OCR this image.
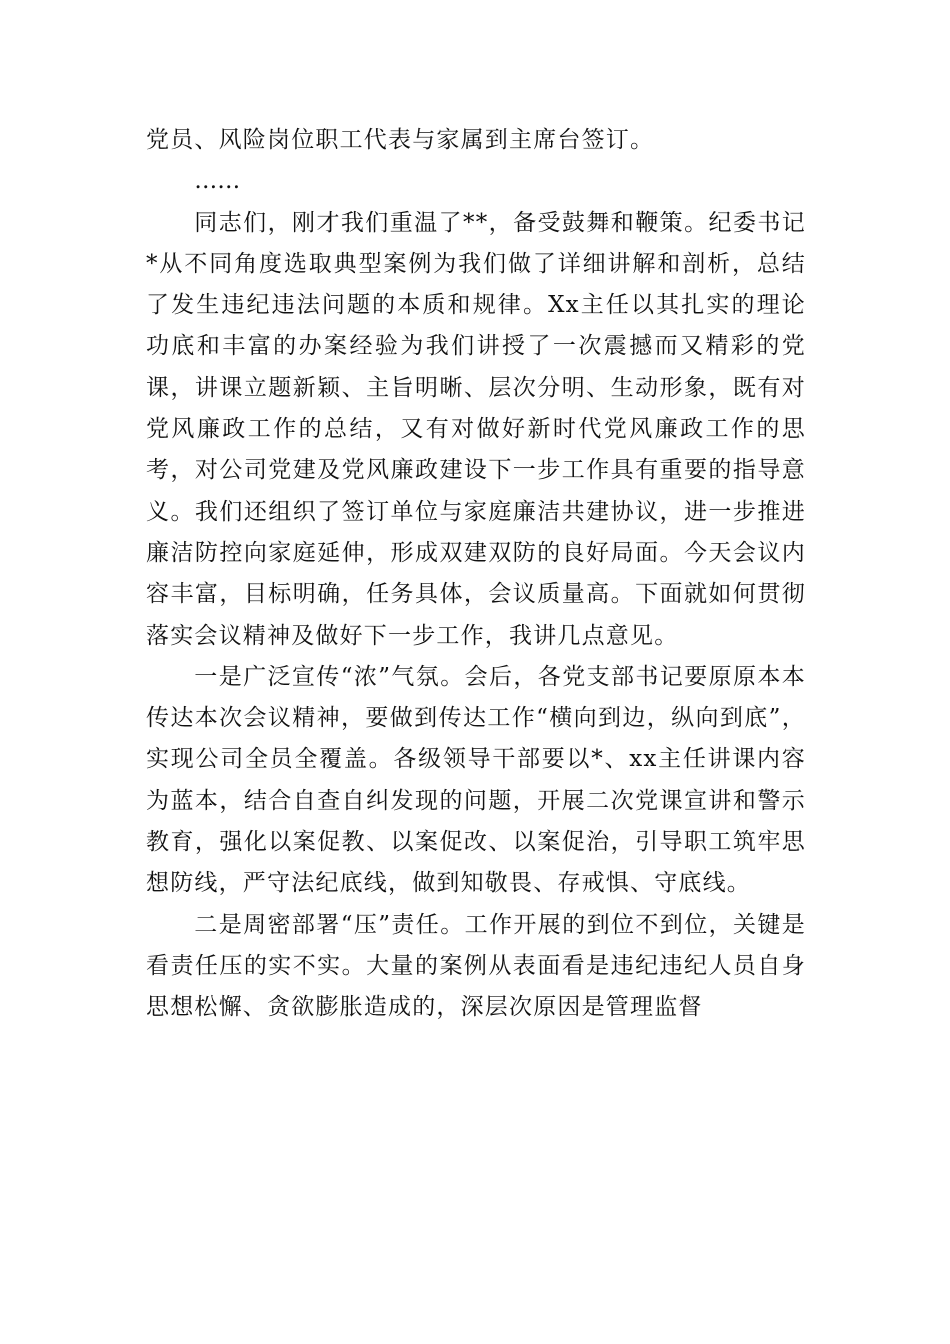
党员、风险岗位职工代表与家属到主席台签订。

……

同志们，刚才我们重温了**，备受鼓舞和鞭策。纪委书记*从不同角度选取典型案例为我们做了详细讲解和剖析，总结了发生违纪违法问题的本质和规律。Xx主任以其扎实的理论功底和丰富的办案经验为我们讲授了一次震撼而又精彩的党课，讲课立题新颖、主旨明晰、层次分明、生动形象，既有对党风廉政工作的总结，又有对做好新时代党风廉政工作的思考，对公司党建及党风廉政建设下一步工作具有重要的指导意义。我们还组织了签订单位与家庭廉洁共建协议，进一步推进廉洁防控向家庭延伸，形成双建双防的良好局面。今天会议内容丰富，目标明确，任务具体，会议质量高。下面就如何贯彻落实会议精神及做好下一步工作，我讲几点意见。

一是广泛宣传“浓”气氛。会后，各党支部书记要原原本本传达本次会议精神，要做到传达工作“横向到边，纵向到底”，实现公司全员全覆盖。各级领导干部要以*、xx主任讲课内容为蓝本，结合自查自纠发现的问题，开展二次党课宣讲和警示教育，强化以案促教、以案促改、以案促治，引导职工筑牢思想防线，严守法纪底线，做到知敬畏、存戒惧、守底线。

二是周密部署“压”责任。工作开展的到位不到位，关键是看责任压的实不实。大量的案例从表面看是违纪违纪人员自身思想松懈、贪欲膨胀造成的，深层次原因是管理监督
